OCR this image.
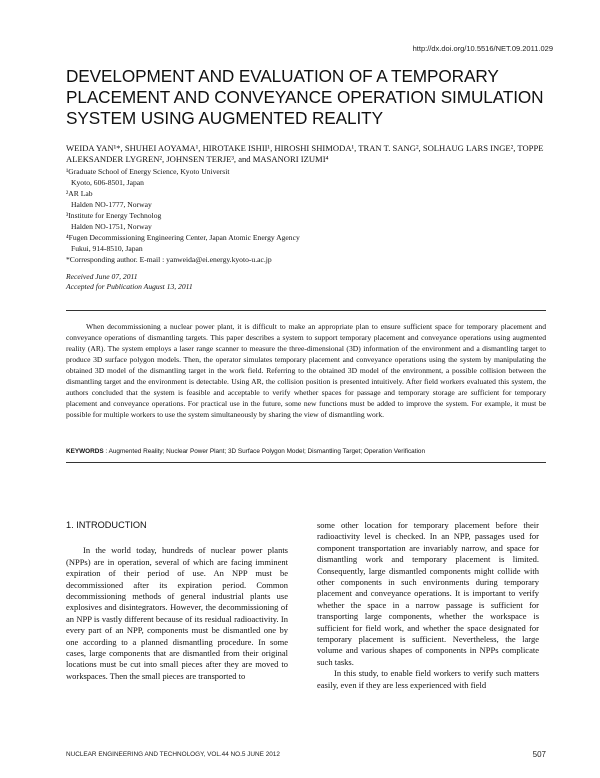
http://dx.doi.org/10.5516/NET.09.2011.029
DEVELOPMENT AND EVALUATION OF A TEMPORARY
PLACEMENT AND CONVEYANCE OPERATION SIMULATION
SYSTEM USING AUGMENTED REALITY

WEIDA YAN¹*, SHUHEI AOYAMA¹, HIROTAKE ISHII¹, HIROSHI SHIMODA¹, TRAN T. SANG², SOLHAUG LARS INGE², TOPPE ALEKSANDER LYGREN², JOHNSEN TERJE³, and MASANORI IZUMI⁴

¹Graduate School of Energy Science, Kyoto Universit
Kyoto, 606-8501, Japan
²AR Lab
Halden NO-1777, Norway
³Institute for Energy Technolog
Halden NO-1751, Norway
⁴Fugen Decommissioning Engineering Center, Japan Atomic Energy Agency
Fukui, 914-8510, Japan
*Corresponding author. E-mail : yanweida@ei.energy.kyoto-u.ac.jp
Received June 07, 2011
Accepted for Publication August 13, 2011

When decommissioning a nuclear power plant, it is difficult to make an appropriate plan to ensure sufficient space for temporary placement and conveyance operations of dismantling targets. This paper describes a system to support temporary placement and conveyance operations using augmented reality (AR). The system employs a laser range scanner to measure the three-dimensional (3D) information of the environment and a dismantling target to produce 3D surface polygon models. Then, the operator simulates temporary placement and conveyance operations using the system by manipulating the obtained 3D model of the dismantling target in the work field. Referring to the obtained 3D model of the environment, a possible collision between the dismantling target and the environment is detectable. Using AR, the collision position is presented intuitively. After field workers evaluated this system, the authors concluded that the system is feasible and acceptable to verify whether spaces for passage and temporary storage are sufficient for temporary placement and conveyance operations. For practical use in the future, some new functions must be added to improve the system. For example, it must be possible for multiple workers to use the system simultaneously by sharing the view of dismantling work.

KEYWORDS : Augmented Reality; Nuclear Power Plant; 3D Surface Polygon Model; Dismantling Target; Operation Verification
1. INTRODUCTION

In the world today, hundreds of nuclear power plants (NPPs) are in operation, several of which are facing imminent expiration of their period of use. An NPP must be decommissioned after its expiration period. Common decommissioning methods of general industrial plants use explosives and disintegrators. However, the decommissioning of an NPP is vastly different because of its residual radioactivity. In every part of an NPP, components must be dismantled one by one according to a planned dismantling procedure. In some cases, large components that are dismantled from their original locations must be cut into small pieces after they are moved to workspaces. Then the small pieces are transported to

some other location for temporary placement before their radioactivity level is checked. In an NPP, passages used for component transportation are invariably narrow, and space for dismantling work and temporary placement is limited. Consequently, large dismantled components might collide with other components in such environments during temporary placement and conveyance operations. It is important to verify whether the space in a narrow passage is sufficient for transporting large components, whether the workspace is sufficient for field work, and whether the space designated for temporary placement is sufficient. Nevertheless, the large volume and various shapes of components in NPPs complicate such tasks.

In this study, to enable field workers to verify such matters easily, even if they are less experienced with field

NUCLEAR ENGINEERING AND TECHNOLOGY, VOL.44 NO.5 JUNE 2012	507
